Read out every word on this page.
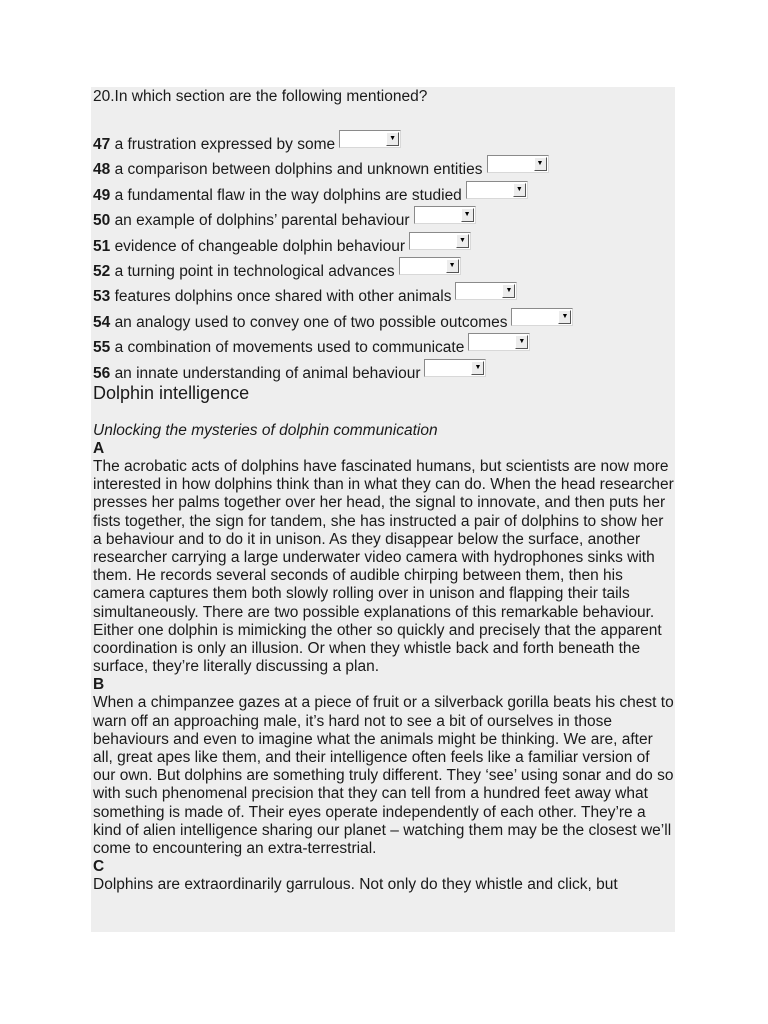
20.In which section are the following mentioned?

47 a frustration expressed by some	▼
48 a comparison between dolphins and unknown entities	▼
49 a fundamental flaw in the way dolphins are studied	▼
50 an example of dolphins’ parental behaviour	▼
51 evidence of changeable dolphin behaviour	▼
52 a turning point in technological advances	▼
53 features dolphins once shared with other animals	▼
54 an analogy used to convey one of two possible outcomes	▼
55 a combination of movements used to communicate	▼
56 an innate understanding of animal behaviour	▼

Dolphin intelligence

Unlocking the mysteries of dolphin communication

A

The acrobatic acts of dolphins have fascinated humans, but scientists are now more interested in how dolphins think than in what they can do. When the head researcher presses her palms together over her head, the signal to innovate, and then puts her fists together, the sign for tandem, she has instructed a pair of dolphins to show her a behaviour and to do it in unison. As they disappear below the surface, another researcher carrying a large underwater video camera with hydrophones sinks with them. He records several seconds of audible chirping between them, then his camera captures them both slowly rolling over in unison and flapping their tails simultaneously. There are two possible explanations of this remarkable behaviour. Either one dolphin is mimicking the other so quickly and precisely that the apparent coordination is only an illusion. Or when they whistle back and forth beneath the surface, they’re literally discussing a plan.

B

When a chimpanzee gazes at a piece of fruit or a silverback gorilla beats his chest to warn off an approaching male, it’s hard not to see a bit of ourselves in those behaviours and even to imagine what the animals might be thinking. We are, after all, great apes like them, and their intelligence often feels like a familiar version of our own. But dolphins are something truly different. They ‘see’ using sonar and do so with such phenomenal precision that they can tell from a hundred feet away what something is made of. Their eyes operate independently of each other. They’re a kind of alien intelligence sharing our planet – watching them may be the closest we’ll come to encountering an extra-terrestrial.

C

Dolphins are extraordinarily garrulous. Not only do they whistle and click, but
